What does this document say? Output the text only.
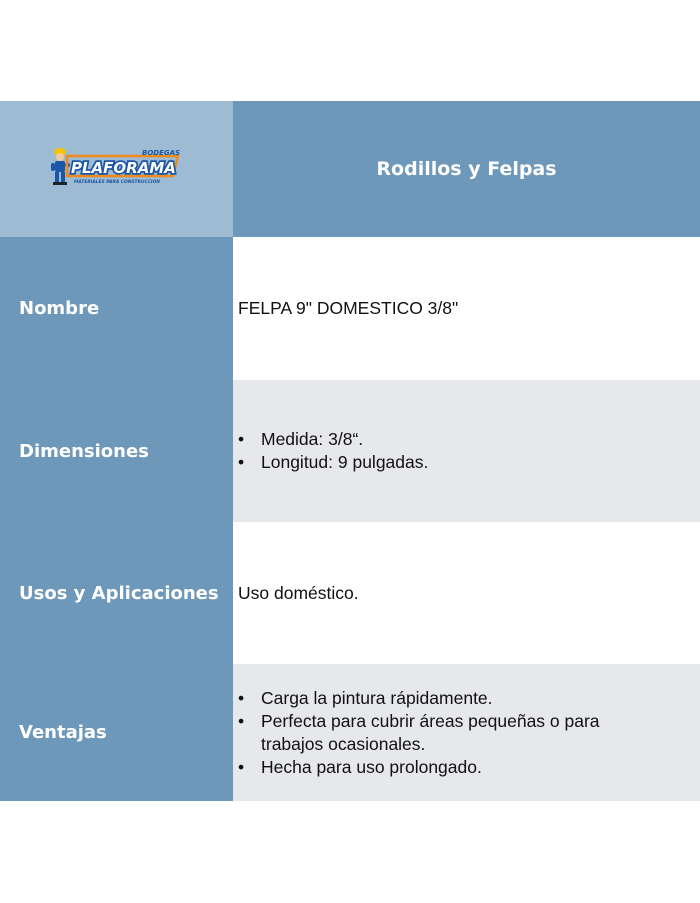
BODEGAS
PLAFORAMA
MATERIALES PARA CONSTRUCCION
Rodillos y Felpas
Nombre	FELPA 9" DOMESTICO 3/8"
Dimensiones
• Medida: 3/8“.
• Longitud: 9 pulgadas.
Usos y Aplicaciones	Uso doméstico.
Ventajas
• Carga la pintura rápidamente.
• Perfecta para cubrir áreas pequeñas o para trabajos ocasionales.
• Hecha para uso prolongado.
